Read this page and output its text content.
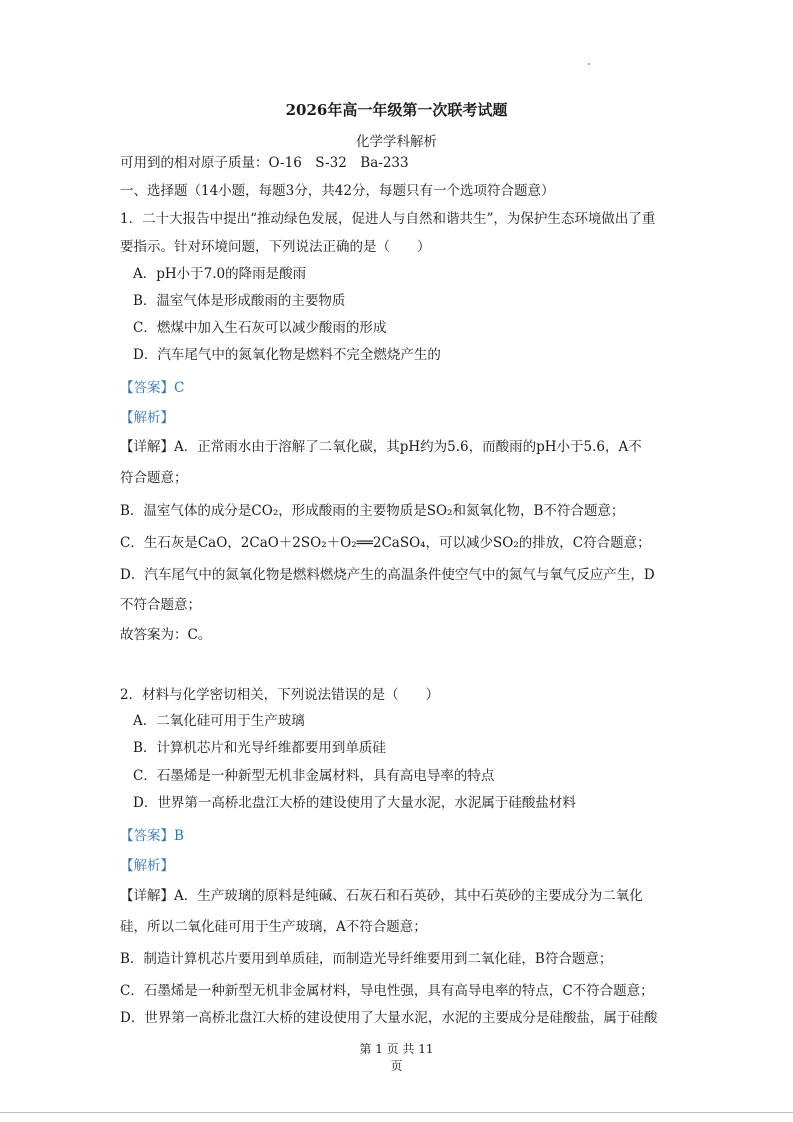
2026年高一年级第一次联考试题
化学学科解析
可用到的相对原子质量：O-16　S-32　Ba-233
一、选择题（14小题，每题3分，共42分，每题只有一个选项符合题意）
1．二十大报告中提出“推动绿色发展，促进人与自然和谐共生”，为保护生态环境做出了重
要指示。针对环境问题，下列说法正确的是（　　）
A．pH小于7.0的降雨是酸雨
B．温室气体是形成酸雨的主要物质
C．燃煤中加入生石灰可以减少酸雨的形成
D．汽车尾气中的氮氧化物是燃料不完全燃烧产生的
【答案】C
【解析】
【详解】A．正常雨水由于溶解了二氧化碳，其pH约为5.6，而酸雨的pH小于5.6，A不
符合题意；
B．温室气体的成分是CO₂，形成酸雨的主要物质是SO₂和氮氧化物，B不符合题意；
C．生石灰是CaO，2CaO＋2SO₂＋O₂══2CaSO₄，可以减少SO₂的排放，C符合题意；
D．汽车尾气中的氮氧化物是燃料燃烧产生的高温条件使空气中的氮气与氧气反应产生，D
不符合题意；
故答案为：C。
2．材料与化学密切相关，下列说法错误的是（　　）
A．二氧化硅可用于生产玻璃
B．计算机芯片和光导纤维都要用到单质硅
C．石墨烯是一种新型无机非金属材料，具有高电导率的特点
D．世界第一高桥北盘江大桥的建设使用了大量水泥，水泥属于硅酸盐材料
【答案】B
【解析】
【详解】A．生产玻璃的原料是纯碱、石灰石和石英砂，其中石英砂的主要成分为二氧化
硅，所以二氧化硅可用于生产玻璃，A不符合题意；
B．制造计算机芯片要用到单质硅，而制造光导纤维要用到二氧化硅，B符合题意；
C．石墨烯是一种新型无机非金属材料，导电性强，具有高导电率的特点，C不符合题意；
D．世界第一高桥北盘江大桥的建设使用了大量水泥，水泥的主要成分是硅酸盐，属于硅酸
第 1 页 共 11
页
